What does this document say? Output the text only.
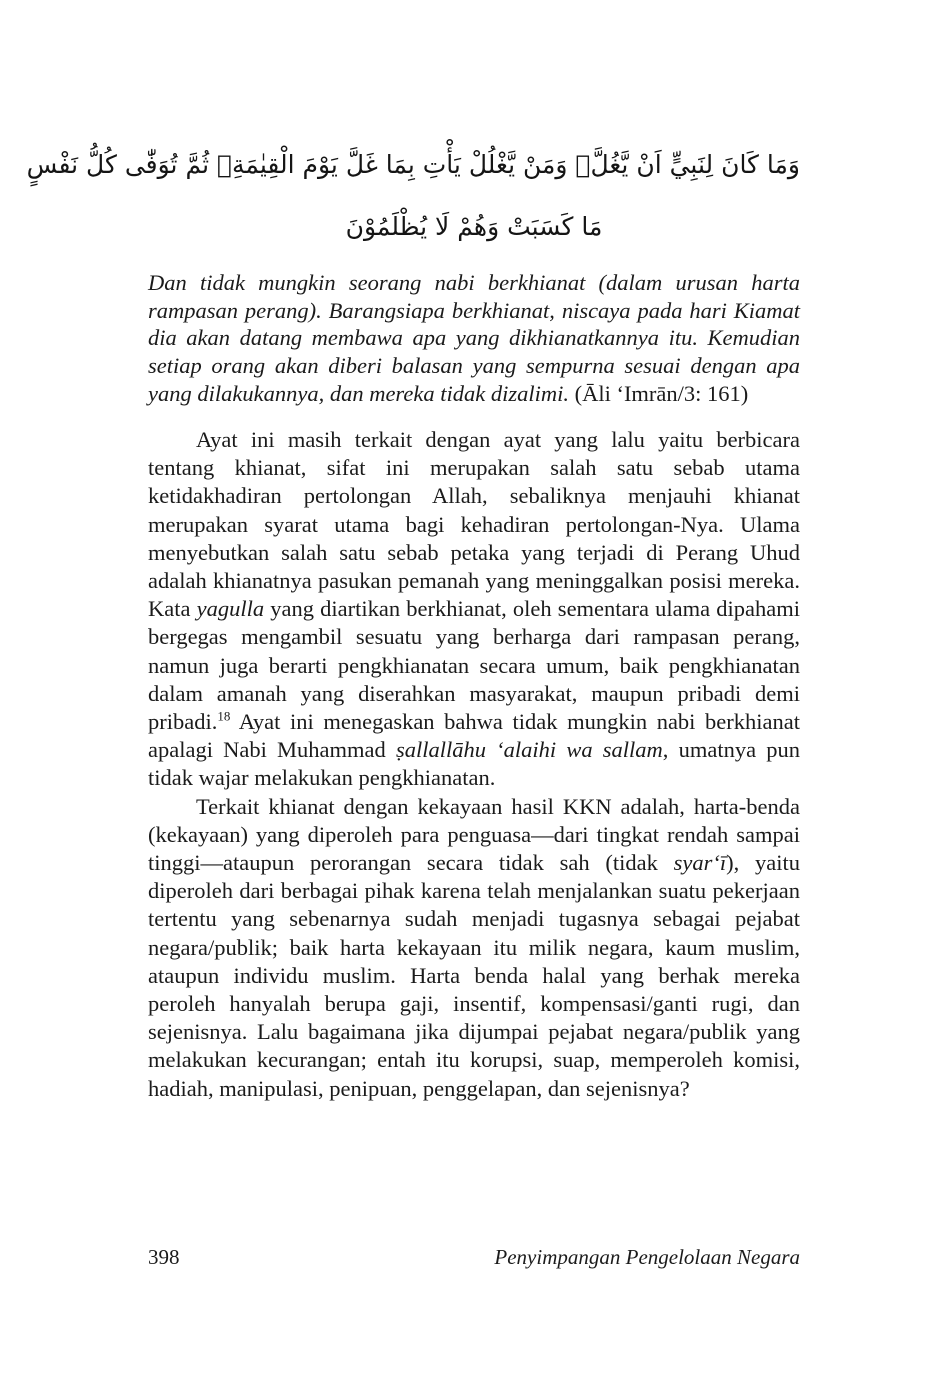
وَمَا كَانَ لِنَبِيٍّ اَنْ يَّغُلَّۗ وَمَنْ يَّغْلُلْ يَأْتِ بِمَا غَلَّ يَوْمَ الْقِيٰمَةِۚ ثُمَّ تُوَفّٰى كُلُّ نَفْسٍ
مَا كَسَبَتْ وَهُمْ لَا يُظْلَمُوْنَ

Dan tidak mungkin seorang nabi berkhianat (dalam urusan harta rampasan perang). Barangsiapa berkhianat, niscaya pada hari Kiamat dia akan datang membawa apa yang dikhianatkannya itu. Kemudian setiap orang akan diberi balasan yang sempurna sesuai dengan apa yang dilakukannya, dan mereka tidak dizalimi. (Āli ‘Imrān/3: 161)

Ayat ini masih terkait dengan ayat yang lalu yaitu berbicara tentang khianat, sifat ini merupakan salah satu sebab utama ketidakhadiran pertolongan Allah, sebaliknya menjauhi khianat merupakan syarat utama bagi kehadiran pertolongan-Nya. Ulama menyebutkan salah satu sebab petaka yang terjadi di Perang Uhud adalah khianatnya pasukan pemanah yang meninggalkan posisi mereka. Kata yagulla yang diartikan berkhianat, oleh sementara ulama dipahami bergegas mengambil sesuatu yang berharga dari rampasan perang, namun juga berarti pengkhianatan secara umum, baik pengkhianatan dalam amanah yang diserahkan masyarakat, maupun pribadi demi pribadi.$^{18}$ Ayat ini menegaskan bahwa tidak mungkin nabi berkhianat apalagi Nabi Muhammad ṣallallāhu ‘alaihi wa sallam, umatnya pun tidak wajar melakukan pengkhianatan.

Terkait khianat dengan kekayaan hasil KKN adalah, harta-benda (kekayaan) yang diperoleh para penguasa—dari tingkat rendah sampai tinggi—ataupun perorangan secara tidak sah (tidak syar‘ī), yaitu diperoleh dari berbagai pihak karena telah menjalankan suatu pekerjaan tertentu yang sebenarnya sudah menjadi tugasnya sebagai pejabat negara/publik; baik harta kekayaan itu milik negara, kaum muslim, ataupun individu muslim. Harta benda halal yang berhak mereka peroleh hanyalah berupa gaji, insentif, kompensasi/ganti rugi, dan sejenisnya. Lalu bagaimana jika dijumpai pejabat negara/publik yang melakukan kecurangan; entah itu korupsi, suap, memperoleh komisi, hadiah, manipulasi, penipuan, penggelapan, dan sejenisnya?

398	Penyimpangan Pengelolaan Negara
